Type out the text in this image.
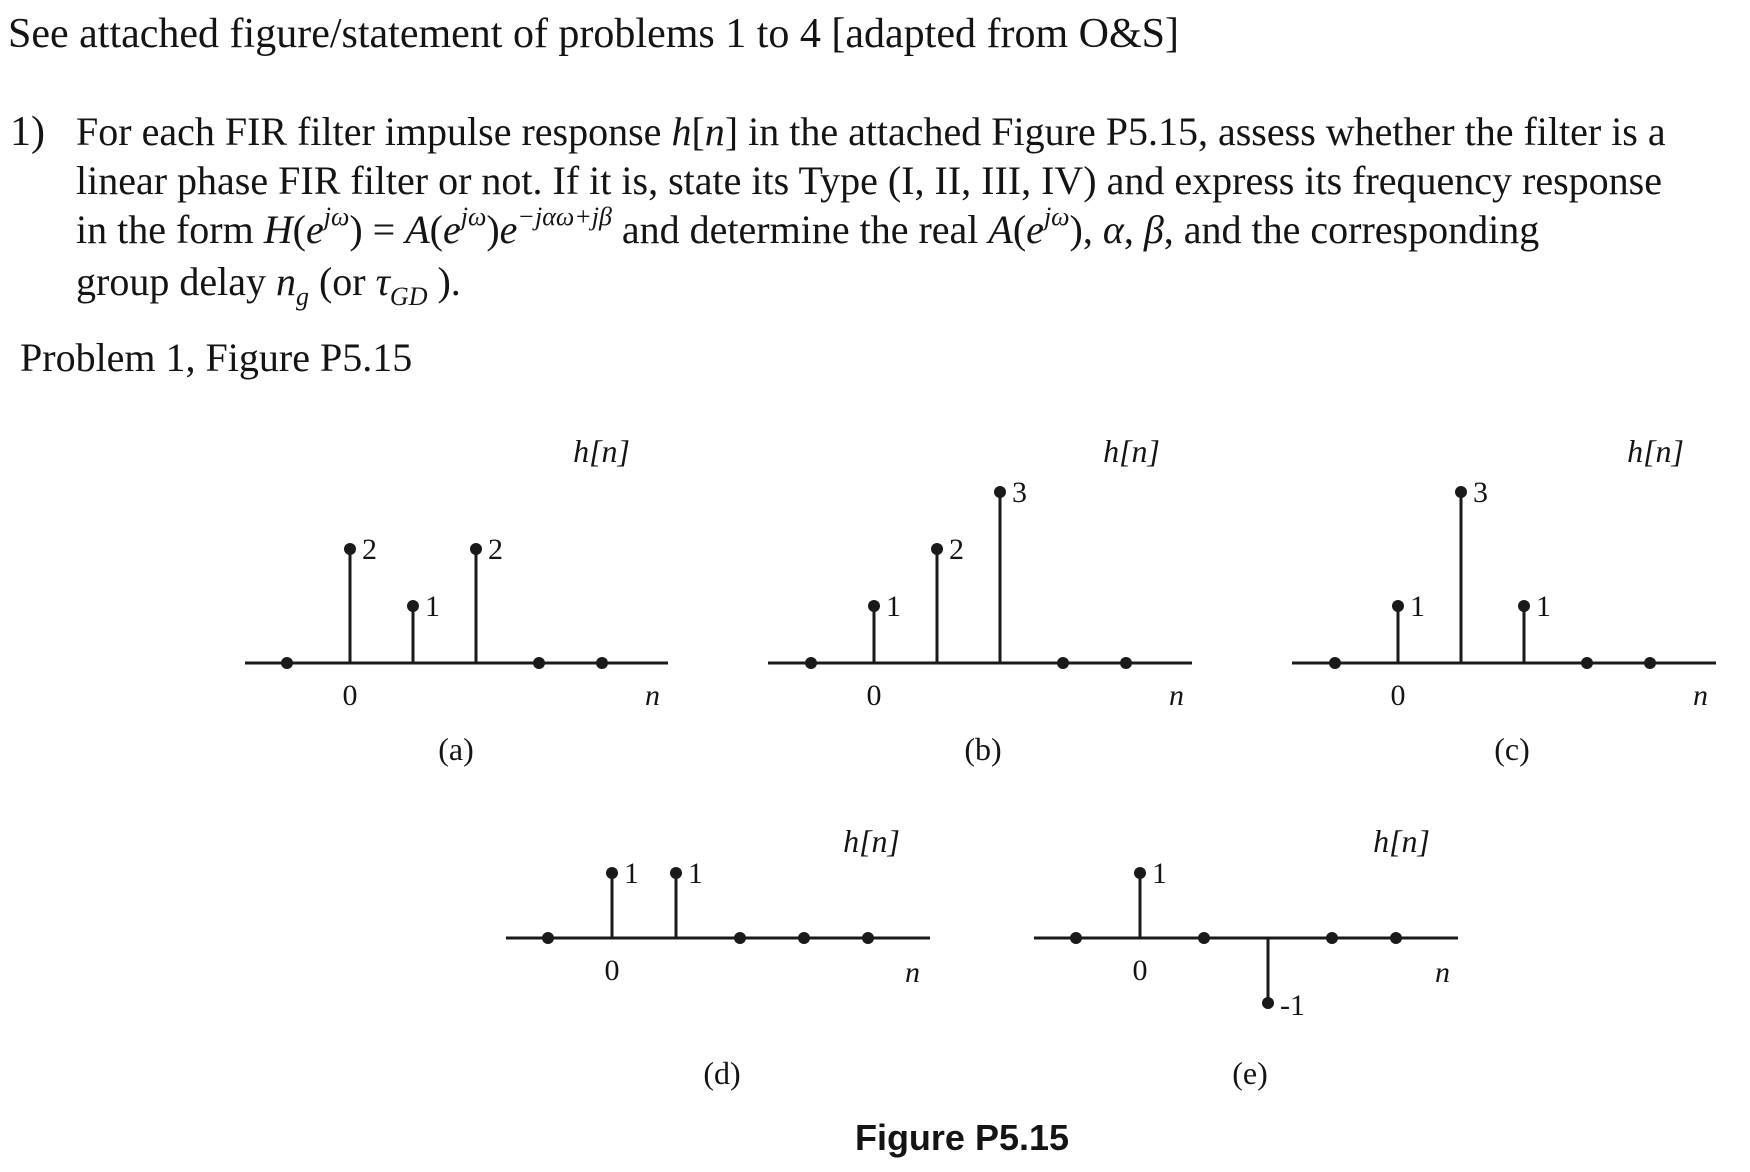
See attached figure/statement of problems 1 to 4 [adapted from O&S]
1) For each FIR filter impulse response h[n] in the attached Figure P5.15, assess whether the filter is a
linear phase FIR filter or not. If it is, state its Type (I, II, III, IV) and express its frequency response
in the form $H(e^{j\omega}) = A(e^{j\omega})e^{-j\alpha\omega+j\beta}$ and determine the real $A(e^{j\omega})$, α, β, and the corresponding
group delay $n_g$ (or $\tau_{GD}$ ).
Problem 1, Figure P5.15
Figure P5.15
h[n]
n
(a)
0
2
1
2
h[n]
n
(b)
0
1
2
3
h[n]
n
(c)
0
1
3
1
h[n]
n
(d)
0
1 1
h[n]
n
(e)
0
1
-1
